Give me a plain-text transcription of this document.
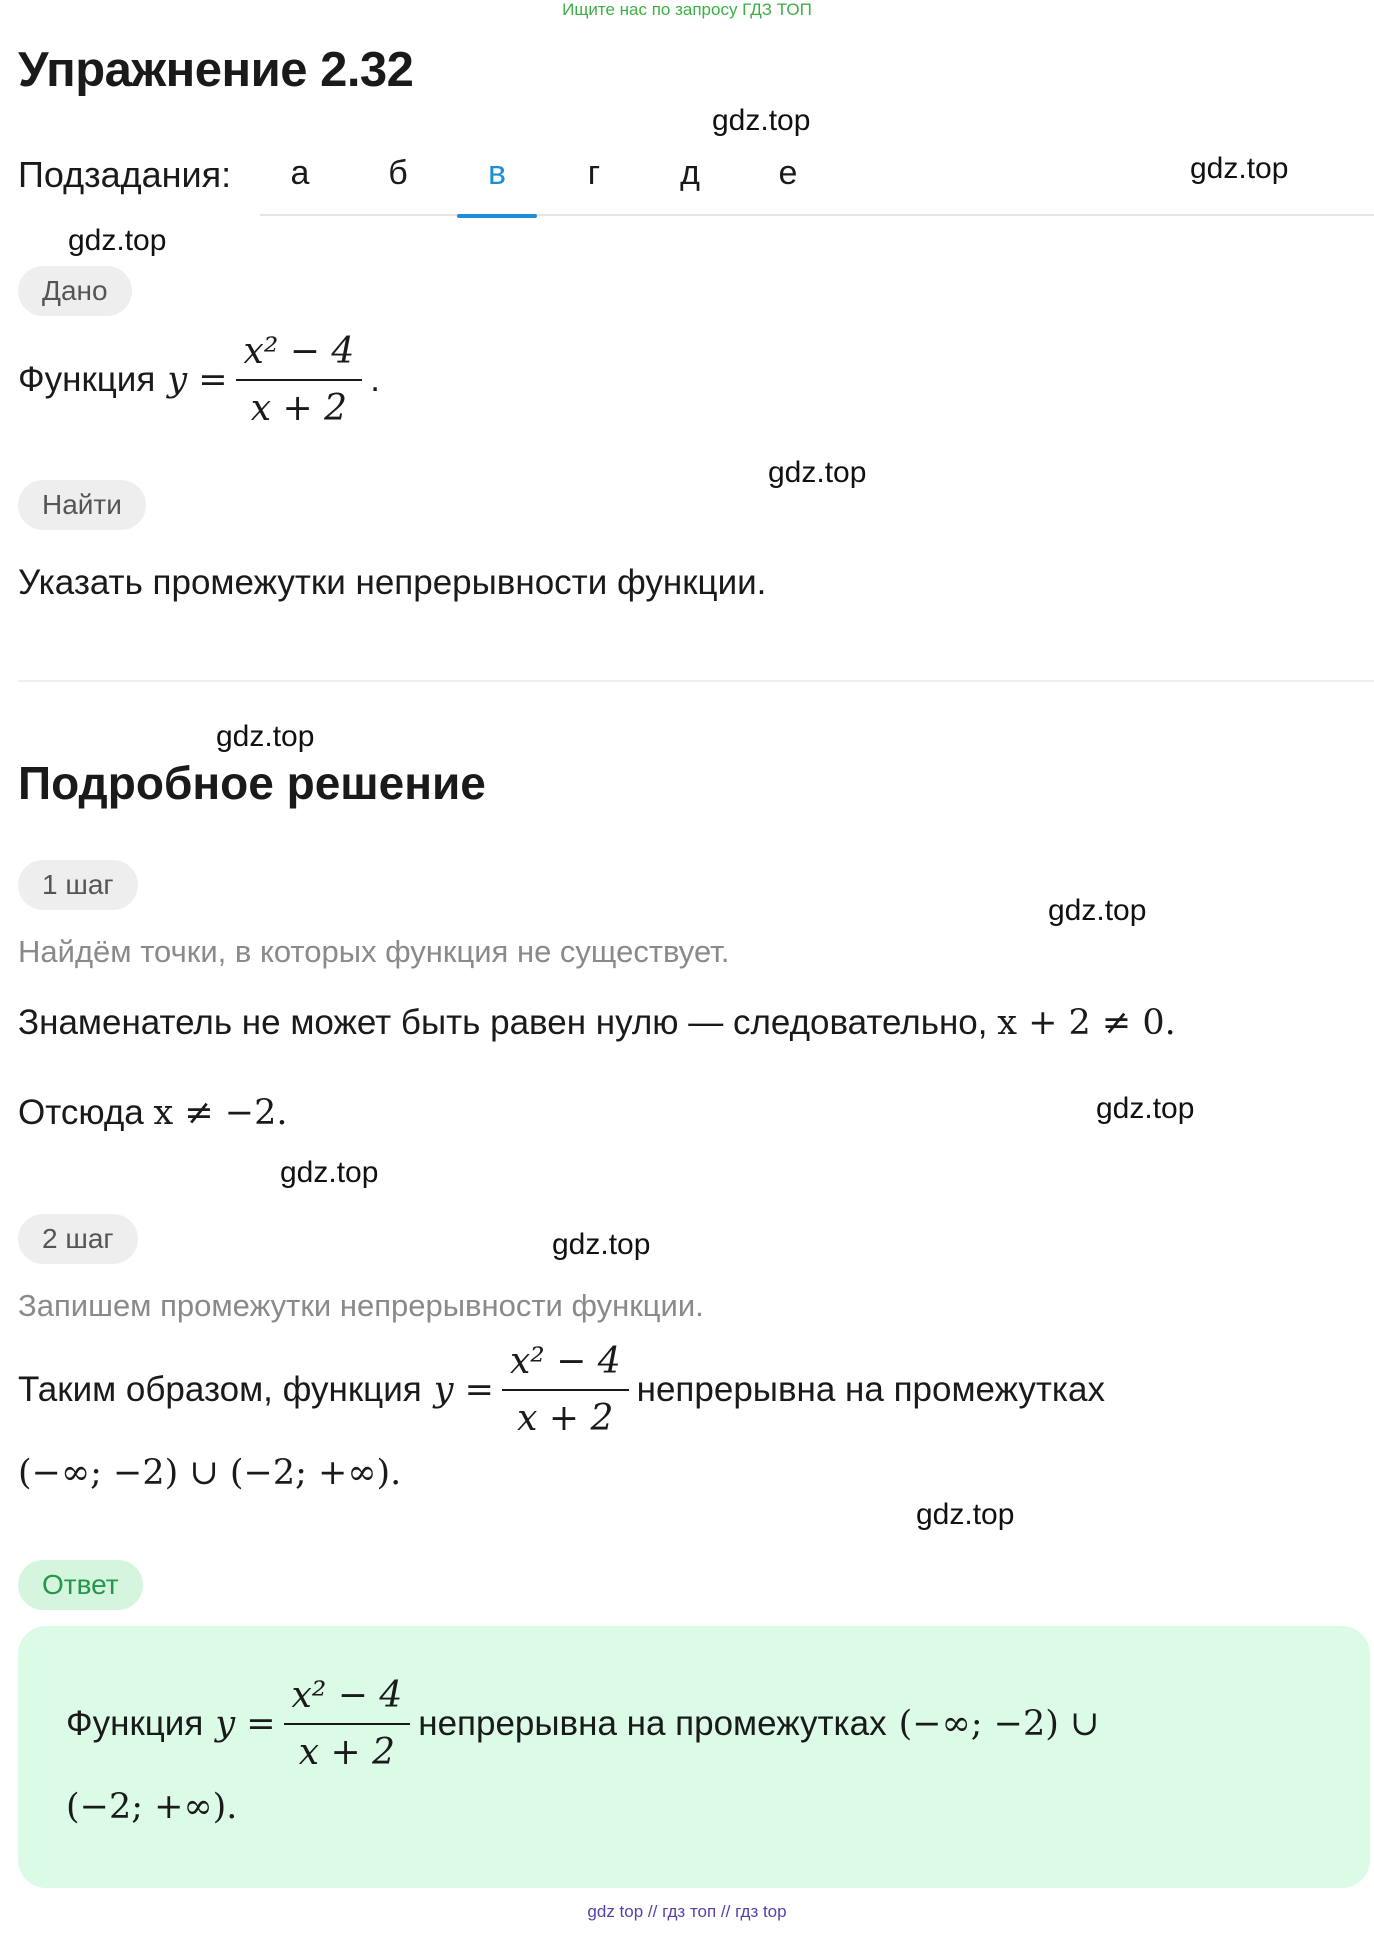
Ищите нас по запросу ГДЗ ТОП
Упражнение 2.32
gdz.top
gdz.top
gdz.top
gdz.top
gdz.top
gdz.top
gdz.top
gdz.top
gdz.top
gdz.top
Подзадания:	а	б	в	г	д	е
Дано
Функция $y = \frac{\text{x² − 4}}{x + 2}$ .
Найти
Указать промежутки непрерывности функции.
Подробное решение
1 шаг
Найдём точки, в которых функция не существует.
Знаменатель не может быть равен нулю — следовательно, x + 2 ≠ 0.
Отсюда x ≠ −2.
2 шаг
Запишем промежутки непрерывности функции.
Таким образом, функция $y = \frac{\text{x² − 4}}{x + 2}$ непрерывна на промежутках
(−∞; −2) ∪ (−2; +∞).
Ответ
Функция $y = \frac{\text{x² − 4}}{x + 2}$ непрерывна на промежутках (−∞; −2) ∪
(−2; +∞).
gdz top // гдз топ // гдз top
